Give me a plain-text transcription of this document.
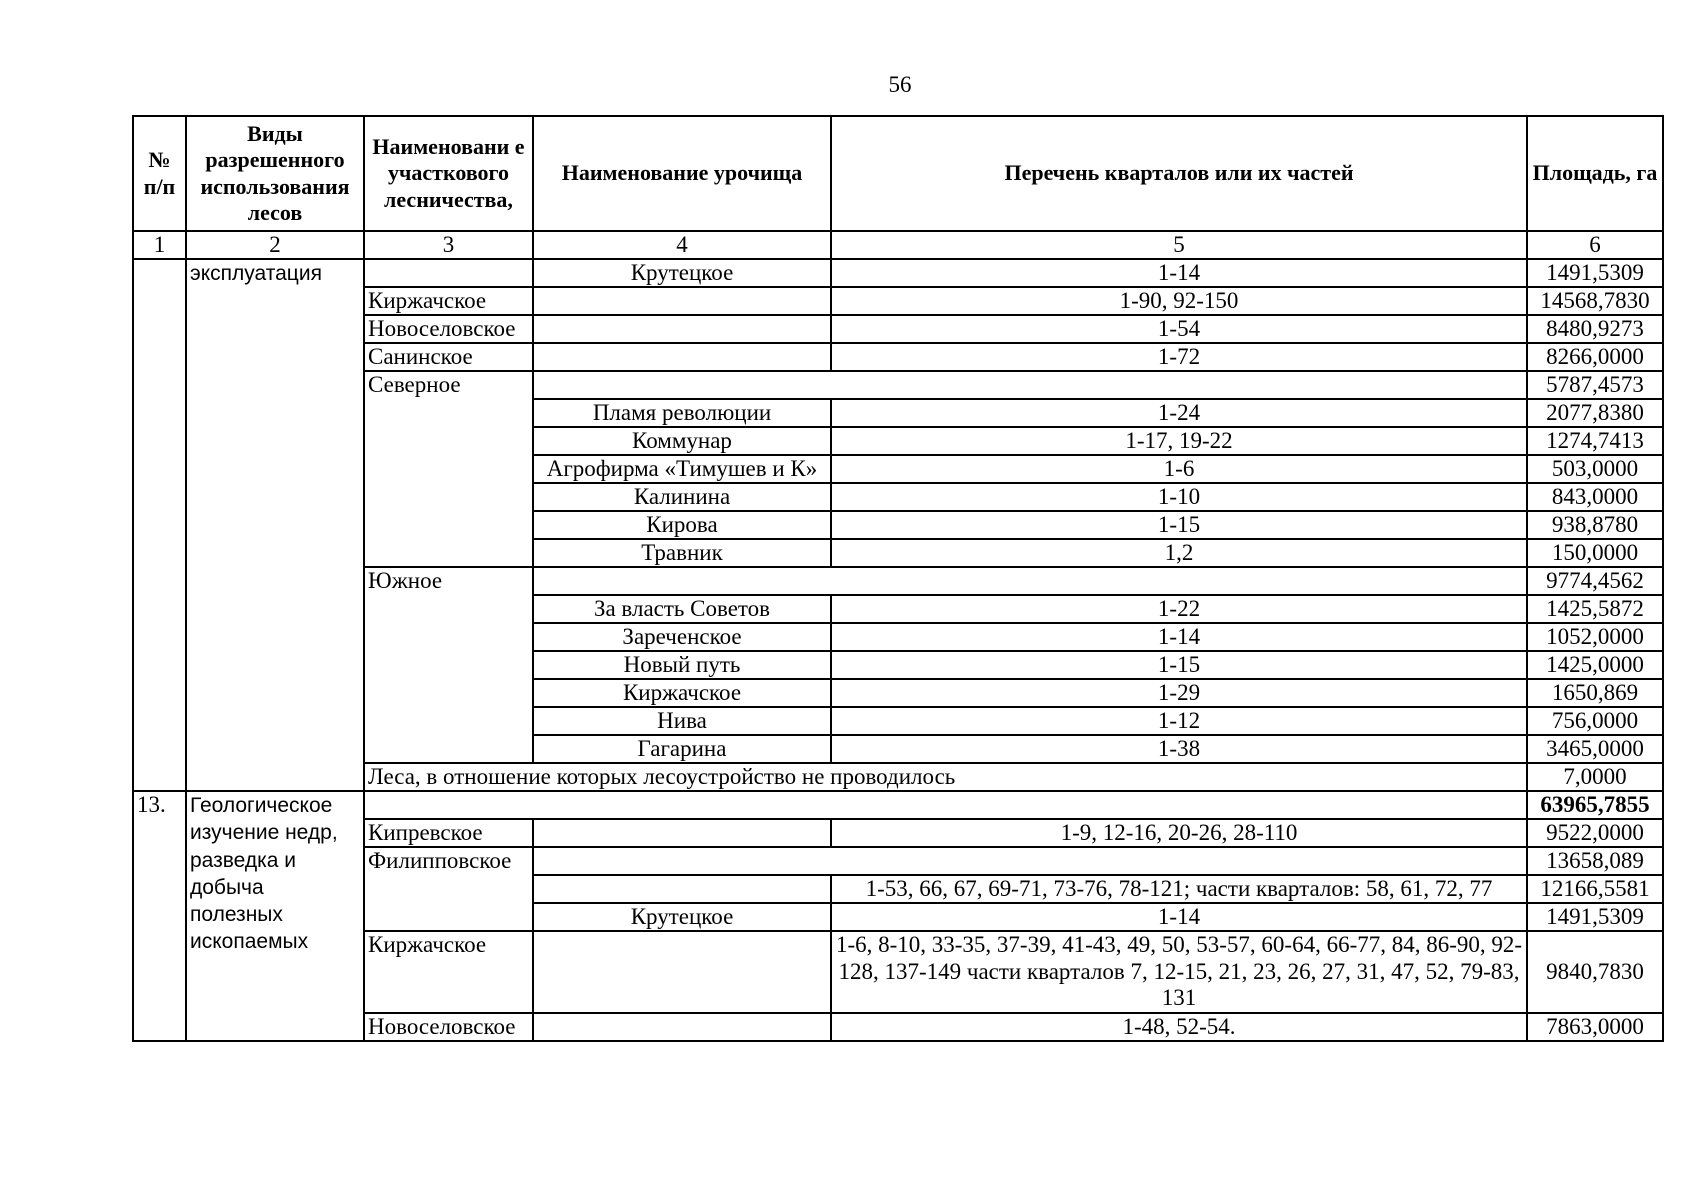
56
№ п/п	Виды разрешенного использования лесов	Наименовани е участкового лесничества,	Наименование урочища	Перечень кварталов или их частей	Площадь, га
1	2	3	4	5	6
	эксплуатация		Крутецкое	1-14	1491,5309
		Киржачское		1-90, 92-150	14568,7830
		Новоселовское		1-54	8480,9273
		Санинское		1-72	8266,0000
		Северное			5787,4573
			Пламя революции	1-24	2077,8380
			Коммунар	1-17, 19-22	1274,7413
			Агрофирма «Тимушев и К»	1-6	503,0000
			Калинина	1-10	843,0000
			Кирова	1-15	938,8780
			Травник	1,2	150,0000
		Южное			9774,4562
			За власть Советов	1-22	1425,5872
			Зареченское	1-14	1052,0000
			Новый путь	1-15	1425,0000
			Киржачское	1-29	1650,869
			Нива	1-12	756,0000
			Гагарина	1-38	3465,0000
		Леса, в отношение которых лесоустройство не проводилось			7,0000
13.	Геологическое изучение недр, разведка и добыча полезных ископаемых				63965,7855
		Кипревское		1-9, 12-16, 20-26, 28-110	9522,0000
		Филипповское			13658,089
				1-53, 66, 67, 69-71, 73-76, 78-121; части кварталов: 58, 61, 72, 77	12166,5581
			Крутецкое	1-14	1491,5309
		Киржачское		1-6, 8-10, 33-35, 37-39, 41-43, 49, 50, 53-57, 60-64, 66-77, 84, 86-90, 92-128, 137-149 части кварталов 7, 12-15, 21, 23, 26, 27, 31, 47, 52, 79-83, 131	9840,7830
		Новоселовское		1-48, 52-54.	7863,0000
